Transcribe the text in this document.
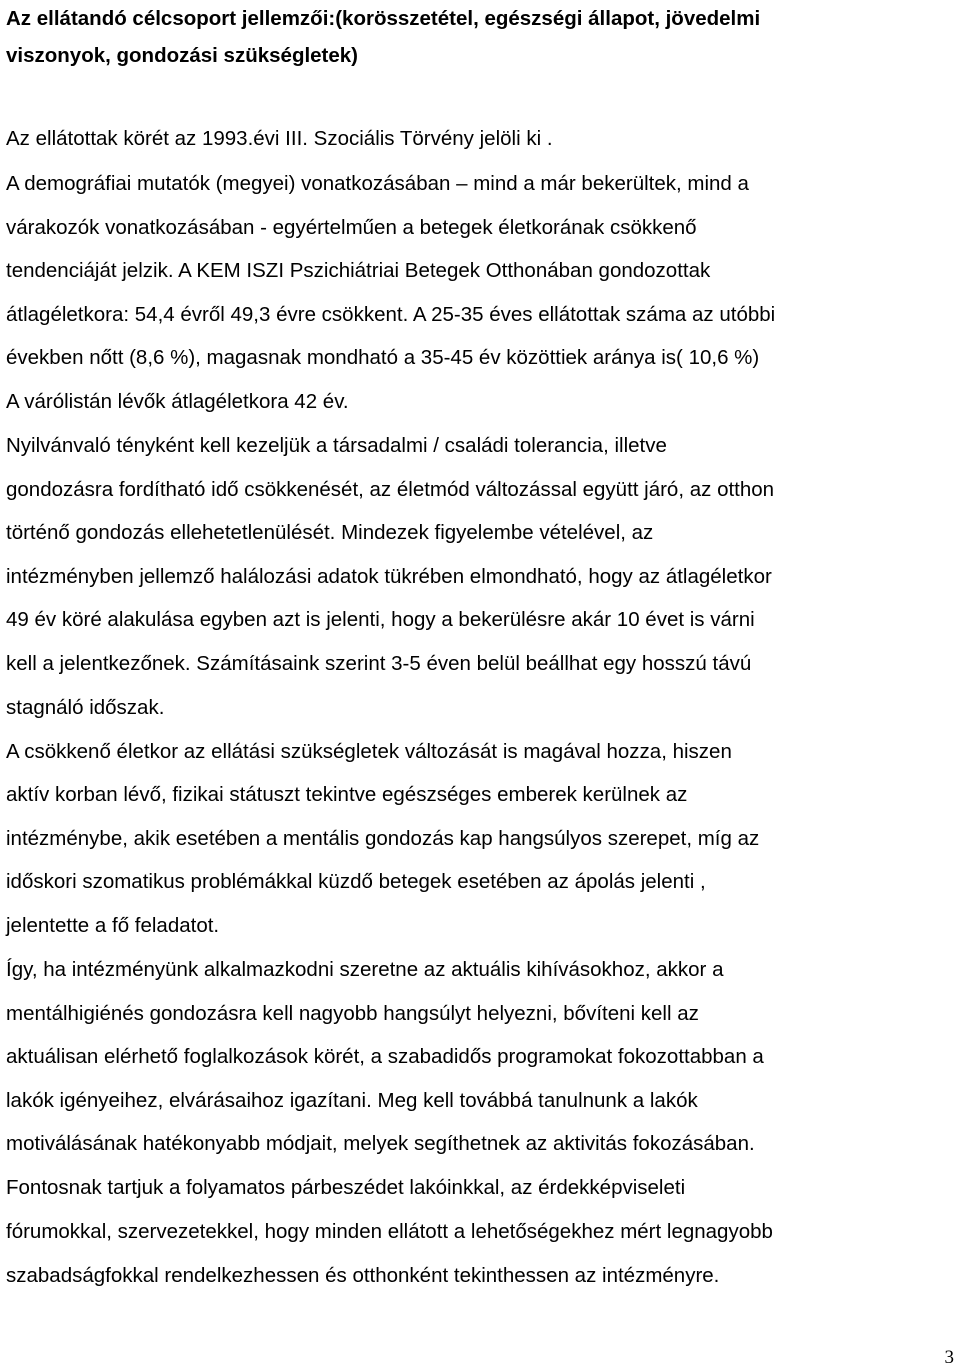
Az ellátandó célcsoport jellemzői:(korösszetétel, egészségi állapot, jövedelmi
viszonyok, gondozási szükségletek)
Az ellátottak körét az 1993.évi III. Szociális Törvény jelöli ki .
A demográfiai mutatók (megyei) vonatkozásában – mind a már bekerültek, mind a
várakozók vonatkozásában - egyértelműen a betegek életkorának csökkenő
tendenciáját jelzik. A KEM ISZI Pszichiátriai Betegek Otthonában gondozottak
átlagéletkora: 54,4 évről 49,3 évre csökkent. A 25-35 éves ellátottak száma az utóbbi
években nőtt (8,6 %), magasnak mondható a 35-45 év közöttiek aránya is( 10,6 %)
A várólistán lévők átlagéletkora 42 év.
Nyilvánvaló tényként kell kezeljük a társadalmi / családi tolerancia, illetve
gondozásra fordítható idő csökkenését, az életmód változással együtt járó, az otthon
történő gondozás ellehetetlenülését. Mindezek figyelembe vételével, az
intézményben jellemző halálozási adatok tükrében elmondható, hogy az átlagéletkor
49 év köré alakulása egyben azt is jelenti, hogy a bekerülésre akár 10 évet is várni
kell a jelentkezőnek. Számításaink szerint 3-5 éven belül beállhat egy hosszú távú
stagnáló időszak.
A csökkenő életkor az ellátási szükségletek változását is magával hozza, hiszen
aktív korban lévő, fizikai státuszt tekintve egészséges emberek kerülnek az
intézménybe, akik esetében a mentális gondozás kap hangsúlyos szerepet, míg az
időskori szomatikus problémákkal küzdő betegek esetében az ápolás jelenti ,
jelentette a fő feladatot.
Így, ha intézményünk alkalmazkodni szeretne az aktuális kihívásokhoz, akkor a
mentálhigiénés gondozásra kell nagyobb hangsúlyt helyezni, bővíteni kell az
aktuálisan elérhető foglalkozások körét, a szabadidős programokat fokozottabban a
lakók igényeihez, elvárásaihoz igazítani. Meg kell továbbá tanulnunk a lakók
motiválásának hatékonyabb módjait, melyek segíthetnek az aktivitás fokozásában.
Fontosnak tartjuk a folyamatos párbeszédet lakóinkkal, az érdekképviseleti
fórumokkal, szervezetekkel, hogy minden ellátott a lehetőségekhez mért legnagyobb
szabadságfokkal rendelkezhessen és otthonként tekinthessen az intézményre.
3
